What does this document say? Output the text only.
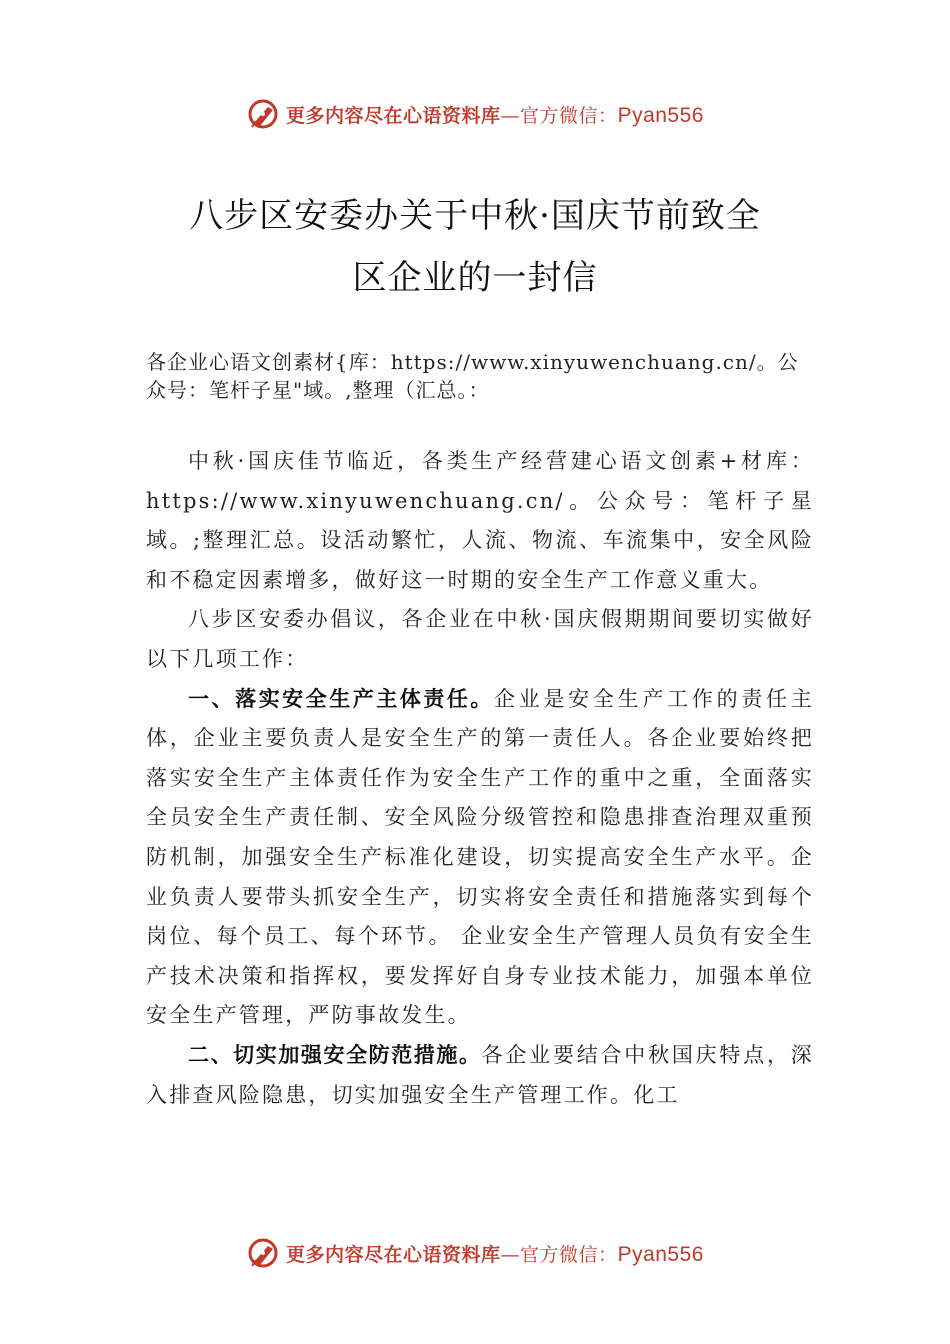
更多内容尽在心语资料库—官方微信：Pyan556
八步区安委办关于中秋·国庆节前致全
区企业的一封信
各企业心语文创素材{库：https://www.xinyuwenchuang.cn/。公众号：笔杆子星"域。,整理（汇总。：

中秋·国庆佳节临近，各类生产经营建心语文创素+材库：https://www.xinyuwenchuang.cn/。公众号：笔杆子星域。;整理汇总。设活动繁忙，人流、物流、车流集中，安全风险和不稳定因素增多，做好这一时期的安全生产工作意义重大。

八步区安委办倡议，各企业在中秋·国庆假期期间要切实做好以下几项工作：

一、落实安全生产主体责任。企业是安全生产工作的责任主体，企业主要负责人是安全生产的第一责任人。各企业要始终把落实安全生产主体责任作为安全生产工作的重中之重，全面落实全员安全生产责任制、安全风险分级管控和隐患排查治理双重预防机制，加强安全生产标准化建设，切实提高安全生产水平。企业负责人要带头抓安全生产，切实将安全责任和措施落实到每个岗位、每个员工、每个环节。 企业安全生产管理人员负有安全生产技术决策和指挥权，要发挥好自身专业技术能力，加强本单位安全生产管理，严防事故发生。

二、切实加强安全防范措施。各企业要结合中秋国庆特点，深入排查风险隐患，切实加强安全生产管理工作。化工

更多内容尽在心语资料库—官方微信：Pyan556
